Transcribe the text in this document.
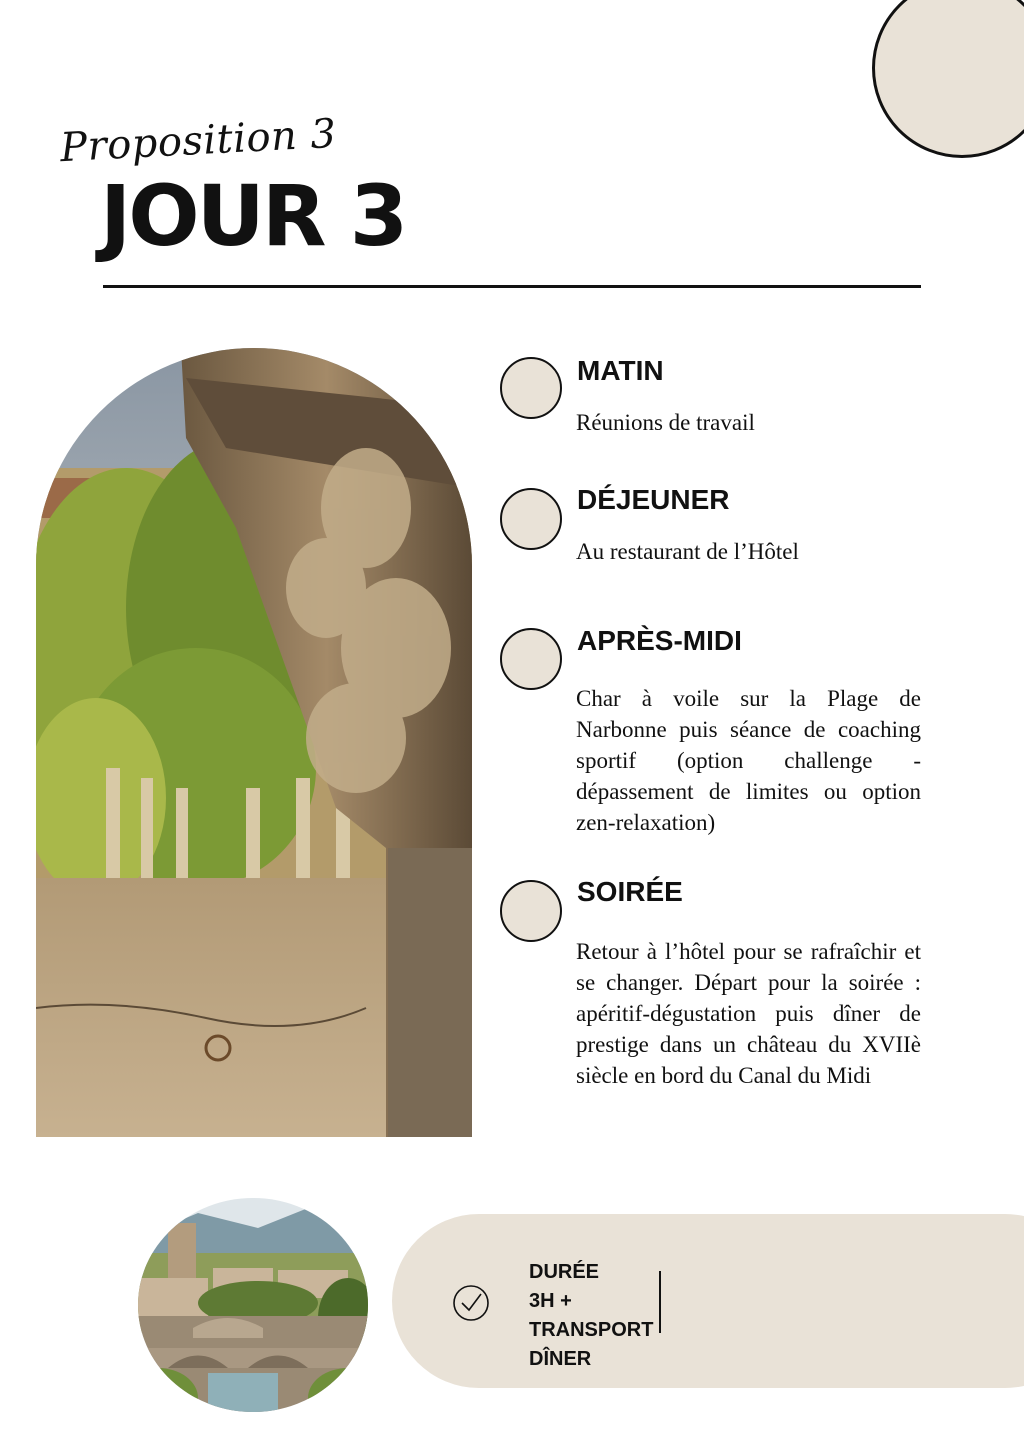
Proposition 3
JOUR 3
MATIN
Réunions de travail
DÉJEUNER
Au restaurant de l’Hôtel
APRÈS-MIDI
Char à voile sur la Plage de Narbonne puis séance de coaching sportif (option challenge - dépassement de limites ou option zen-relaxation)
SOIRÉE
Retour à l’hôtel pour se rafraîchir et se changer. Départ pour la soirée : apéritif-dégustation puis dîner de prestige dans un château du XVIIè siècle en bord du Canal du Midi
DURÉE
3H +
TRANSPORT
DÎNER
